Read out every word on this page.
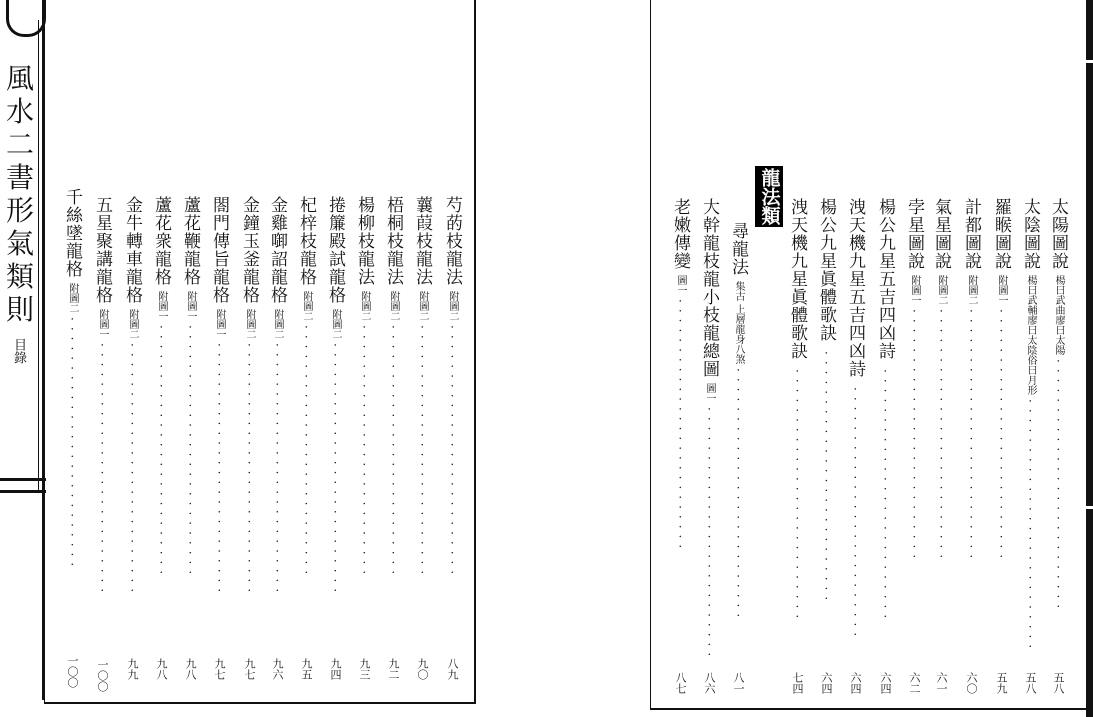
風
水
二
書
形
氣
類
則
目錄
芍菂枝龍法
附圖二
··························
八九
蘘葭枝龍法
附圖二
··························
九〇
梧桐枝龍法
附圖二
··························
九二
楊柳枝龍法
附圖二
··························
九三
捲簾殿試龍格
附圖二
··························
九四
杞梓枝龍格
附圖二
··························
九五
金雞啣詔龍格
附圖二
··························
九六
金鐘玉釜龍格
附圖二
··························
九七
閤門傳旨龍格
附圖一
··························
九七
蘆花鞭龍格
附圖一
··························
九八
蘆花衆龍格
附圖一
··························
九八
金牛轉車龍格
附圖二
··························
九九
五星聚講龍格
附圖一
··························
一〇〇
千絲墜龍格
附圖二
··························
一〇〇
太陽圖說
楊曰武曲廖曰太陽
··························
五八
太陰圖說
楊曰武輔廖曰太陰俗曰月形
··························
五八
羅睺圖說
附圖一
··························
五九
計都圖說
附圖二
··························
六〇
氣星圖說
附圖二
··························
六一
孛星圖說
附圖一
··························
六二
楊公九星五吉四凶詩
··························
六四
洩天機九星五吉四凶詩
··························
六四
楊公九星眞體歌訣
··························
六四
洩天機九星眞體歌訣
··························
七四
龍法類
尋龍法
集古 上層龍身八煞
··························
八一
大幹龍枝龍小枝龍總圖
圖一
··························
八六
老嫩傳變
圖一
··························
八七
